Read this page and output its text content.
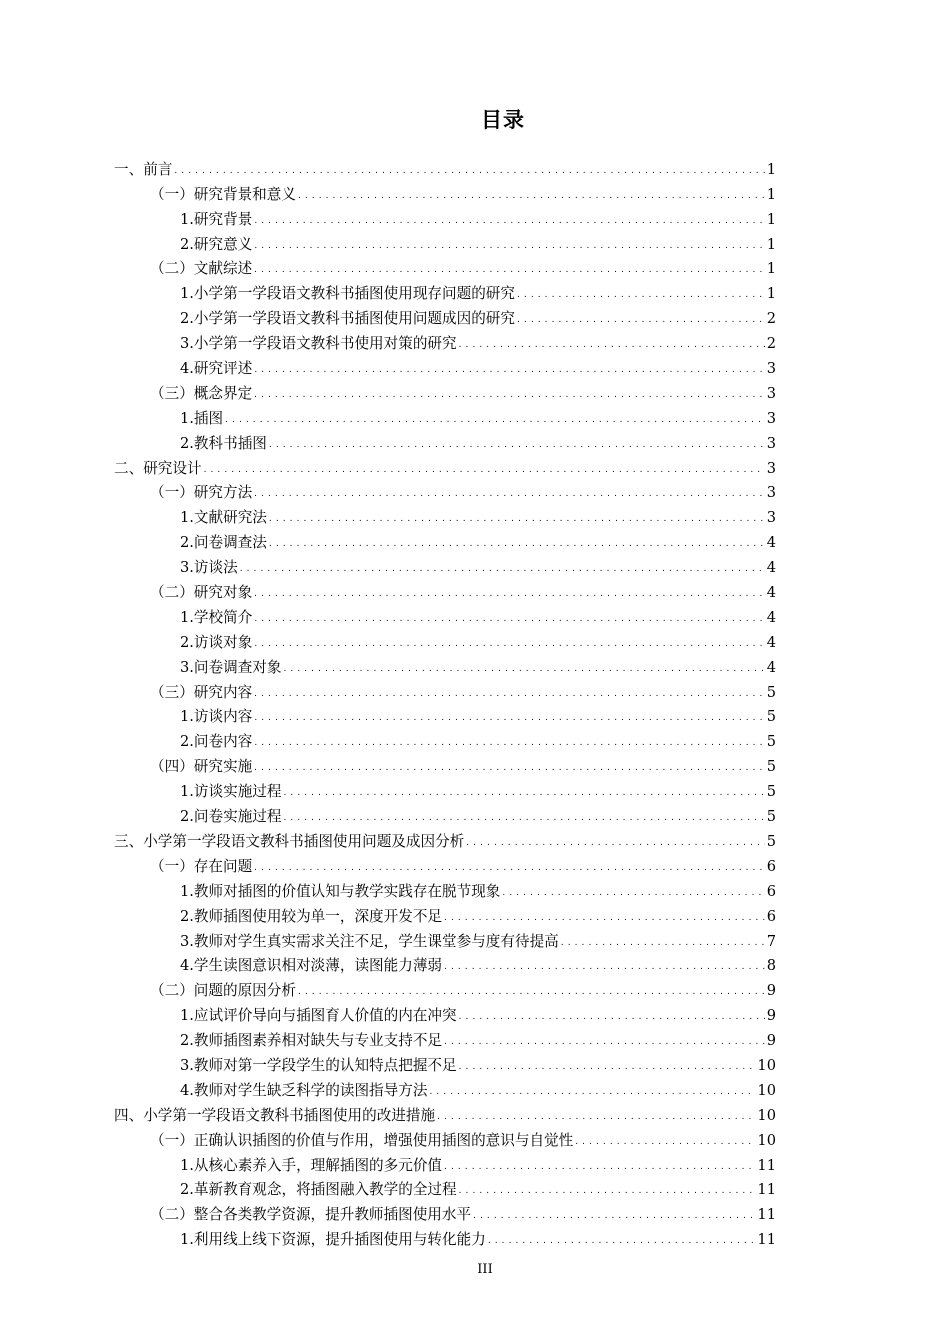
目录
一、前言 . . .	1
（一）研究背景和意义 . . .	1
1.研究背景 . . .	1
2.研究意义 . . .	1
（二）文献综述 . . .	1
1.小学第一学段语文教科书插图使用现存问题的研究 . . .	1
2.小学第一学段语文教科书插图使用问题成因的研究 . . .	2
3.小学第一学段语文教科书使用对策的研究 . . .	2
4.研究评述 . . .	3
（三）概念界定 . . .	3
1.插图 . . .	3
2.教科书插图 . . .	3
二、研究设计 . . .	3
（一）研究方法 . . .	3
1.文献研究法 . . .	3
2.问卷调查法 . . .	4
3.访谈法 . . .	4
（二）研究对象 . . .	4
1.学校简介 . . .	4
2.访谈对象 . . .	4
3.问卷调查对象 . . .	4
（三）研究内容 . . .	5
1.访谈内容 . . .	5
2.问卷内容 . . .	5
（四）研究实施 . . .	5
1.访谈实施过程 . . .	5
2.问卷实施过程 . . .	5
三、小学第一学段语文教科书插图使用问题及成因分析 . . .	5
（一）存在问题 . . .	6
1.教师对插图的价值认知与教学实践存在脱节现象 . . .	6
2.教师插图使用较为单一，深度开发不足 . . .	6
3.教师对学生真实需求关注不足，学生课堂参与度有待提高 . . .	7
4.学生读图意识相对淡薄，读图能力薄弱 . . .	8
（二）问题的原因分析 . . .	9
1.应试评价导向与插图育人价值的内在冲突 . . .	9
2.教师插图素养相对缺失与专业支持不足 . . .	9
3.教师对第一学段学生的认知特点把握不足 . . .	10
4.教师对学生缺乏科学的读图指导方法 . . .	10
四、小学第一学段语文教科书插图使用的改进措施 . . .	10
（一）正确认识插图的价值与作用，增强使用插图的意识与自觉性 . . .	10
1.从核心素养入手，理解插图的多元价值 . . .	11
2.革新教育观念，将插图融入教学的全过程 . . .	11
（二）整合各类教学资源，提升教师插图使用水平 . . .	11
1.利用线上线下资源，提升插图使用与转化能力 . . .	11
III
